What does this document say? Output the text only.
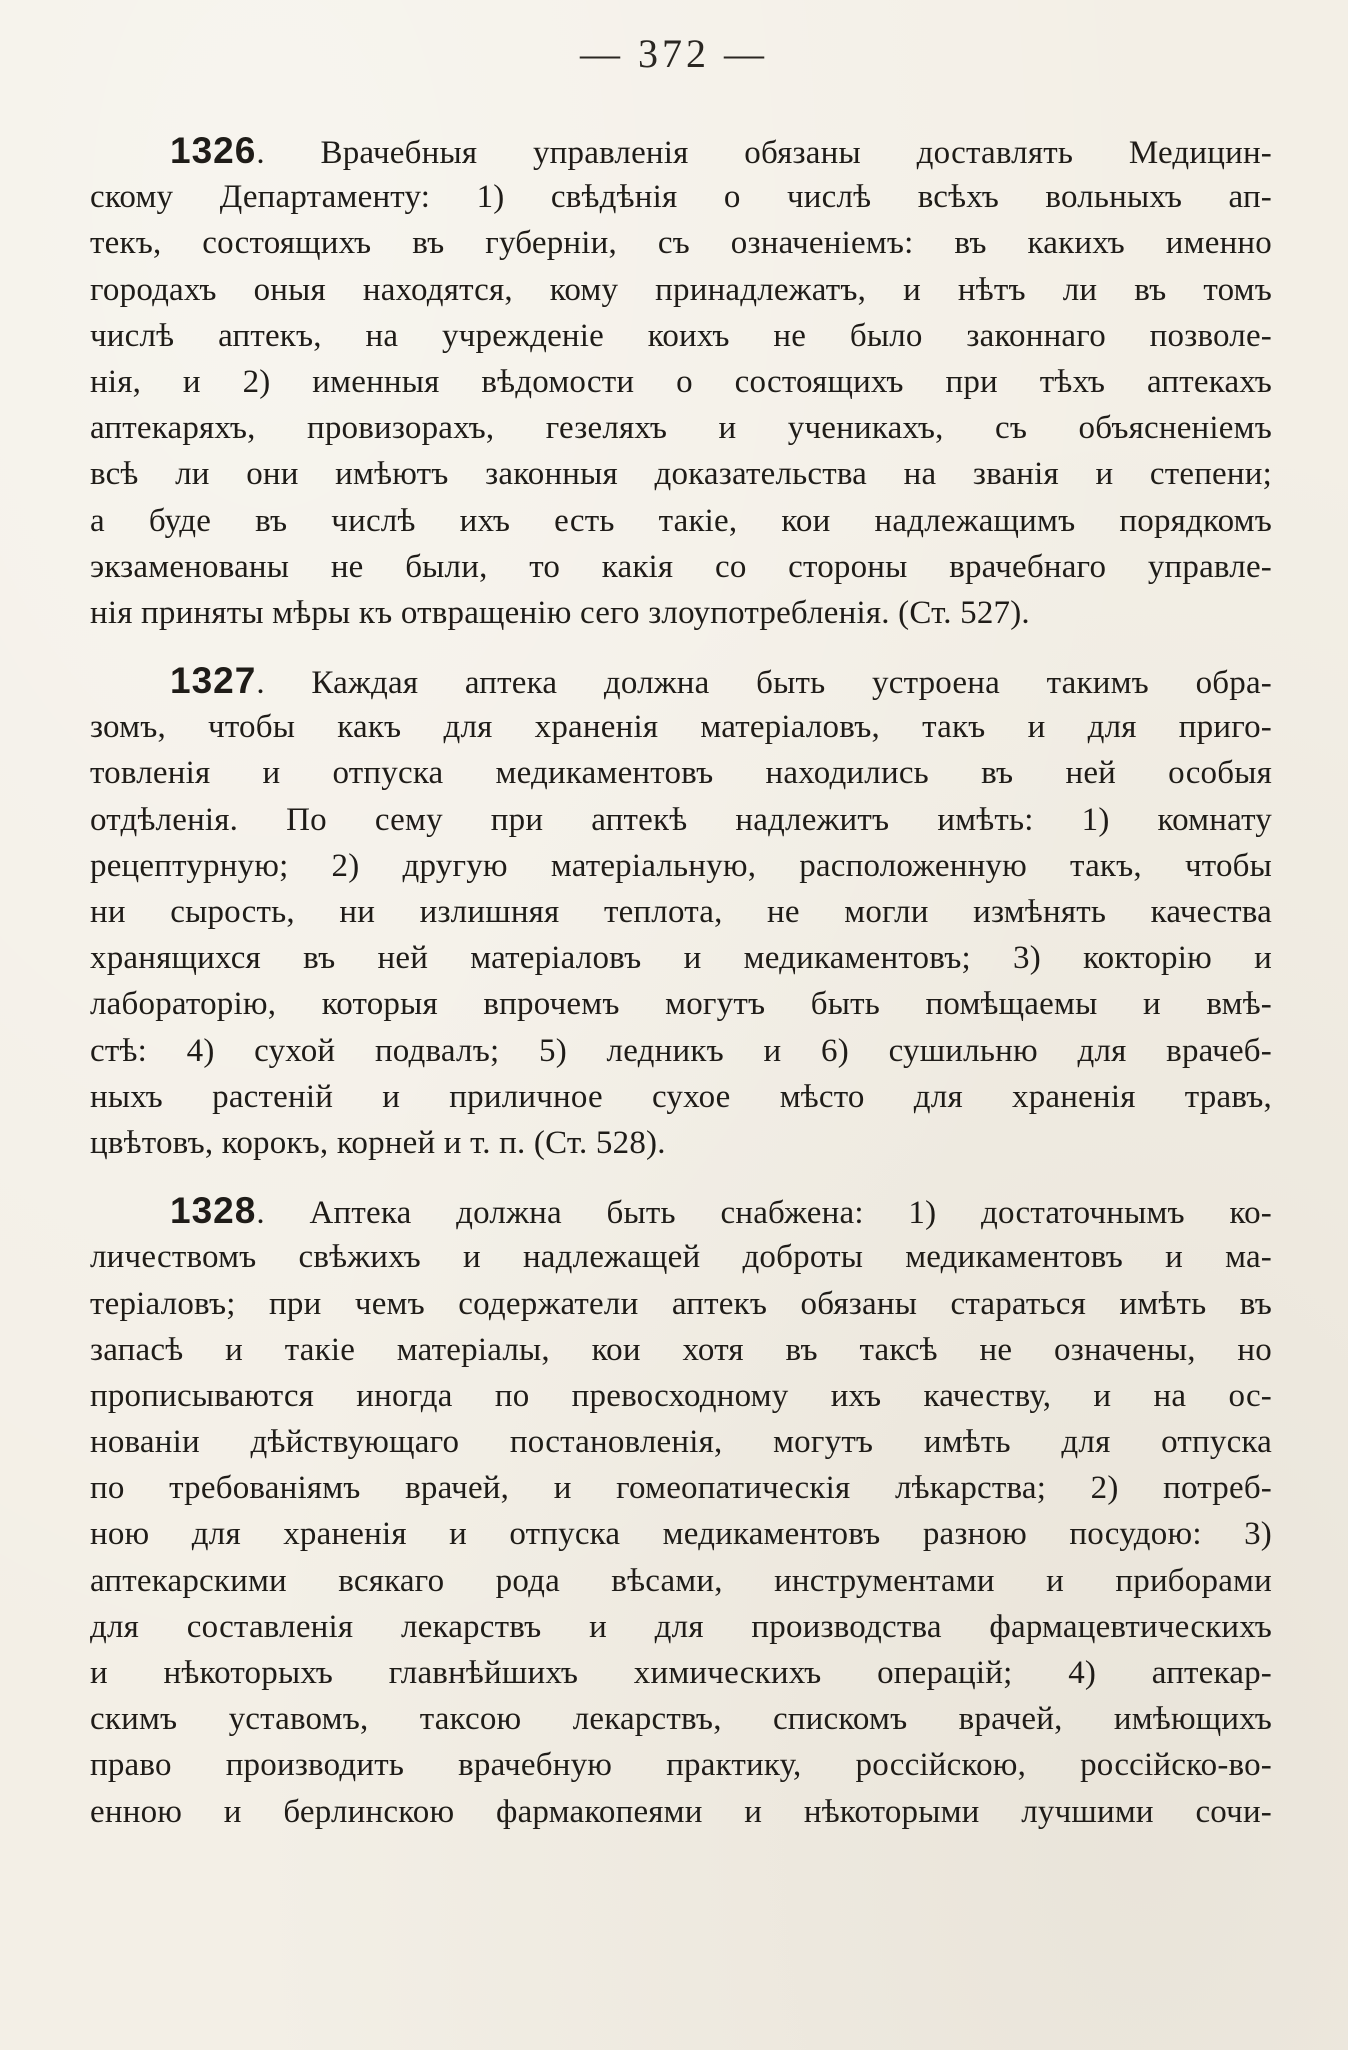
— 372 —
1326. Врачебныя управленія обязаны доставлять Медицин-
скому Департаменту: 1) свѣдѣнія о числѣ всѣхъ вольныхъ ап-
текъ, состоящихъ въ губерніи, съ означеніемъ: въ какихъ именно
городахъ оныя находятся, кому принадлежатъ, и нѣтъ ли въ томъ
числѣ аптекъ, на учрежденіе коихъ не было законнаго позволе-
нія, и 2) именныя вѣдомости о состоящихъ при тѣхъ аптекахъ
аптекаряхъ, провизорахъ, гезеляхъ и ученикахъ, съ объясненіемъ
всѣ ли они имѣютъ законныя доказательства на званія и степени;
а буде въ числѣ ихъ есть такіе, кои надлежащимъ порядкомъ
экзаменованы не были, то какія со стороны врачебнаго управле-
нія приняты мѣры къ отвращенію сего злоупотребленія. (Ст. 527).
1327. Каждая аптека должна быть устроена такимъ обра-
зомъ, чтобы какъ для храненія матеріаловъ, такъ и для приго-
товленія и отпуска медикаментовъ находились въ ней особыя
отдѣленія. По сему при аптекѣ надлежитъ имѣть: 1) комнату
рецептурную; 2) другую матеріальную, расположенную такъ, чтобы
ни сырость, ни излишняя теплота, не могли измѣнять качества
хранящихся въ ней матеріаловъ и медикаментовъ; 3) кокторію и
лабораторію, которыя впрочемъ могутъ быть помѣщаемы и вмѣ-
стѣ: 4) сухой подвалъ; 5) ледникъ и 6) сушильню для врачеб-
ныхъ растеній и приличное сухое мѣсто для храненія травъ,
цвѣтовъ, корокъ, корней и т. п. (Ст. 528).
1328. Аптека должна быть снабжена: 1) достаточнымъ ко-
личествомъ свѣжихъ и надлежащей доброты медикаментовъ и ма-
теріаловъ; при чемъ содержатели аптекъ обязаны стараться имѣть въ
запасѣ и такіе матеріалы, кои хотя въ таксѣ не означены, но
прописываются иногда по превосходному ихъ качеству, и на ос-
нованіи дѣйствующаго постановленія, могутъ имѣть для отпуска
по требованіямъ врачей, и гомеопатическія лѣкарства; 2) потреб-
ною для храненія и отпуска медикаментовъ разною посудою: 3)
аптекарскими всякаго рода вѣсами, инструментами и приборами
для составленія лекарствъ и для производства фармацевтическихъ
и нѣкоторыхъ главнѣйшихъ химическихъ операцій; 4) аптекар-
скимъ уставомъ, таксою лекарствъ, спискомъ врачей, имѣющихъ
право производить врачебную практику, россійскою, россійско-во-
енною и берлинскою фармакопеями и нѣкоторыми лучшими сочи-
